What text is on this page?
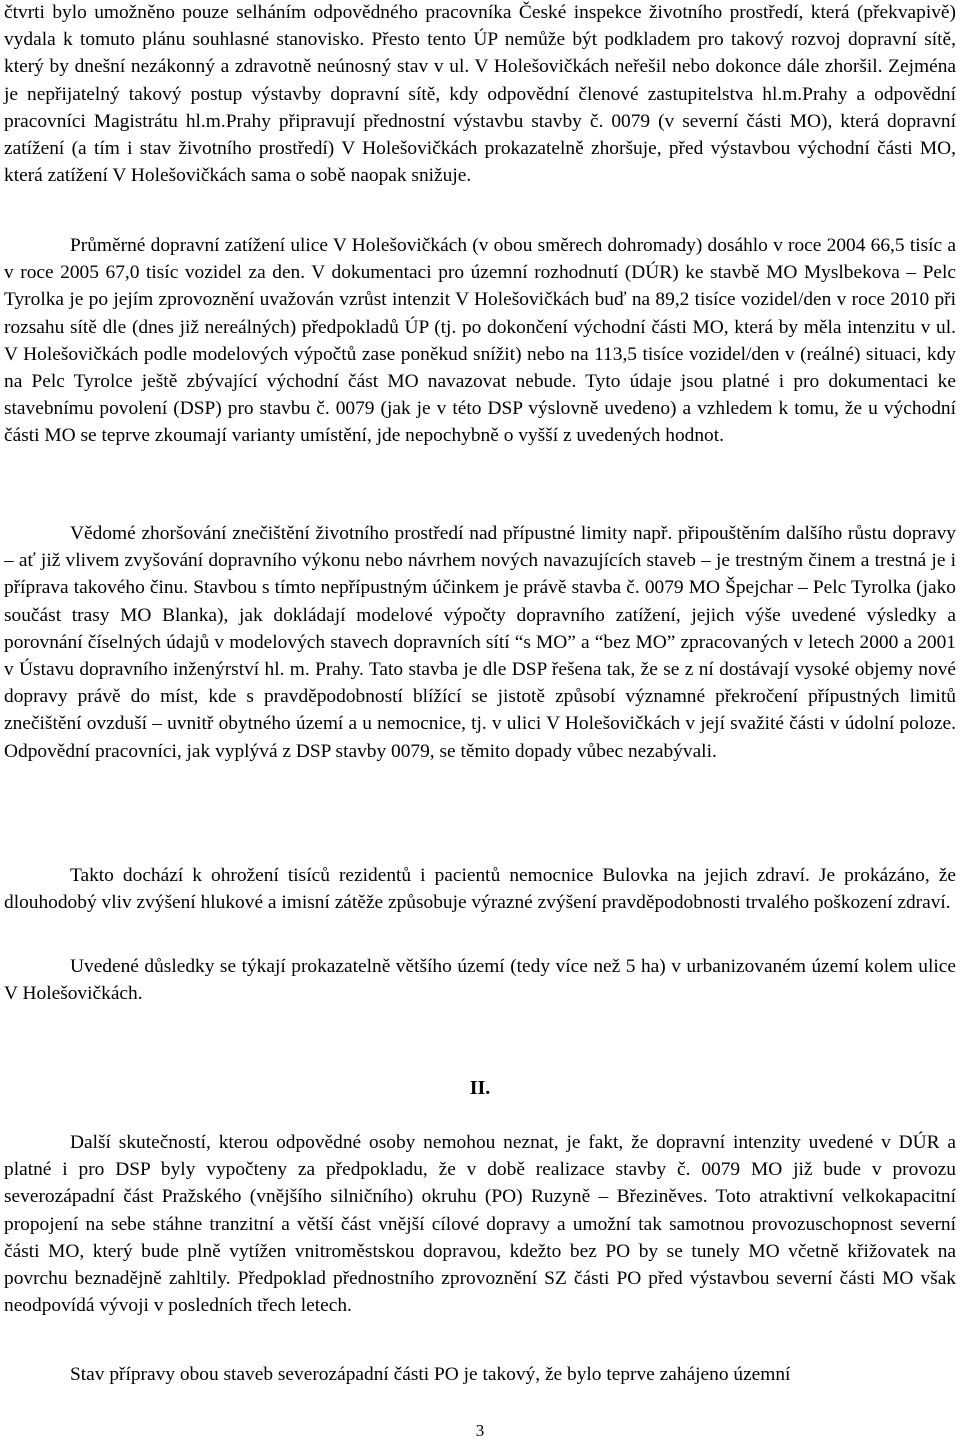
čtvrti bylo umožněno pouze selháním odpovědného pracovníka České inspekce životního prostředí, která (překvapivě) vydala k tomuto plánu souhlasné stanovisko. Přesto tento ÚP nemůže být podkladem pro takový rozvoj dopravní sítě, který by dnešní nezákonný a zdravotně neúnosný stav v ul. V Holešovičkách neřešil nebo dokonce dále zhoršil. Zejména je nepřijatelný takový postup výstavby dopravní sítě, kdy odpovědní členové zastupitelstva hl.m.Prahy a odpovědní pracovníci Magistrátu hl.m.Prahy připravují přednostní výstavbu stavby č. 0079 (v severní části MO), která dopravní zatížení (a tím i stav životního prostředí) V Holešovičkách prokazatelně zhoršuje, před výstavbou východní části MO, která zatížení V Holešovičkách sama o sobě naopak snižuje.

Průměrné dopravní zatížení ulice V Holešovičkách (v obou směrech dohromady) dosáhlo v roce 2004 66,5 tisíc a v roce 2005 67,0 tisíc vozidel za den. V dokumentaci pro územní rozhodnutí (DÚR) ke stavbě MO Myslbekova – Pelc Tyrolka je po jejím zprovoznění uvažován vzrůst intenzit V Holešovičkách buď na 89,2 tisíce vozidel/den v roce 2010 při rozsahu sítě dle (dnes již nereálných) předpokladů ÚP (tj. po dokončení východní části MO, která by měla intenzitu v ul. V Holešovičkách podle modelových výpočtů zase poněkud snížit) nebo na 113,5 tisíce vozidel/den v (reálné) situaci, kdy na Pelc Tyrolce ještě zbývající východní část MO navazovat nebude. Tyto údaje jsou platné i pro dokumentaci ke stavebnímu povolení (DSP) pro stavbu č. 0079 (jak je v této DSP výslovně uvedeno) a vzhledem k tomu, že u východní části MO se teprve zkoumají varianty umístění, jde nepochybně o vyšší z uvedených hodnot.

Vědomé zhoršování znečištění životního prostředí nad přípustné limity např. připouštěním dalšího růstu dopravy – ať již vlivem zvyšování dopravního výkonu nebo návrhem nových navazujících staveb – je trestným činem a trestná je i příprava takového činu. Stavbou s tímto nepřípustným účinkem je právě stavba č. 0079 MO Špejchar – Pelc Tyrolka (jako součást trasy MO Blanka), jak dokládají modelové výpočty dopravního zatížení, jejich výše uvedené výsledky a porovnání číselných údajů v modelových stavech dopravních sítí “s MO” a “bez MO” zpracovaných v letech 2000 a 2001 v Ústavu dopravního inženýrství hl. m. Prahy. Tato stavba je dle DSP řešena tak, že se z ní dostávají vysoké objemy nové dopravy právě do míst, kde s pravděpodobností blížící se jistotě způsobí významné překročení přípustných limitů znečištění ovzduší – uvnitř obytného území a u nemocnice, tj. v ulici V Holešovičkách v její svažité části v údolní poloze. Odpovědní pracovníci, jak vyplývá z DSP stavby 0079, se těmito dopady vůbec nezabývali.

Takto dochází k ohrožení tisíců rezidentů i pacientů nemocnice Bulovka na jejich zdraví. Je prokázáno, že dlouhodobý vliv zvýšení hlukové a imisní zátěže způsobuje výrazné zvýšení pravděpodobnosti trvalého poškození zdraví.

Uvedené důsledky se týkají prokazatelně většího území (tedy více než 5 ha) v urbanizovaném území kolem ulice V Holešovičkách.

II.

Další skutečností, kterou odpovědné osoby nemohou neznat, je fakt, že dopravní intenzity uvedené v DÚR a platné i pro DSP byly vypočteny za předpokladu, že v době realizace stavby č. 0079 MO již bude v provozu severozápadní část Pražského (vnějšího silničního) okruhu (PO) Ruzyně – Březiněves. Toto atraktivní velkokapacitní propojení na sebe stáhne tranzitní a větší část vnější cílové dopravy a umožní tak samotnou provozuschopnost severní části MO, který bude plně vytížen vnitroměstskou dopravou, kdežto bez PO by se tunely MO včetně křižovatek na povrchu beznadějně zahltily. Předpoklad přednostního zprovoznění SZ části PO před výstavbou severní části MO však neodpovídá vývoji v posledních třech letech.

Stav přípravy obou staveb severozápadní části PO je takový, že bylo teprve zahájeno územní

3
